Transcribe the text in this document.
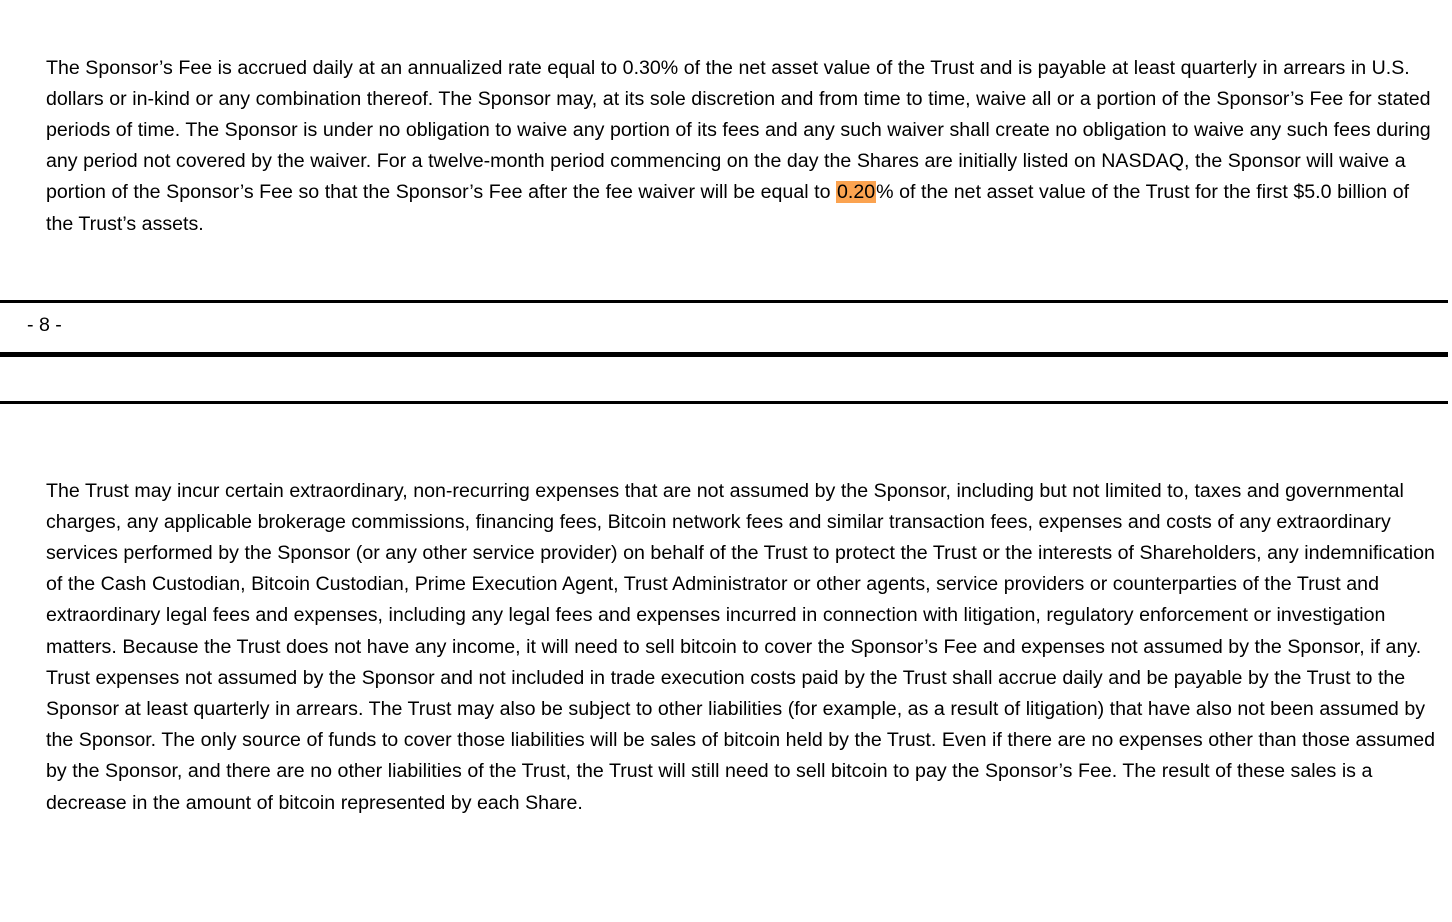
The Sponsor’s Fee is accrued daily at an annualized rate equal to 0.30% of the net asset value of the Trust and is payable at least quarterly in arrears in U.S. dollars or in-kind or any combination thereof. The Sponsor may, at its sole discretion and from time to time, waive all or a portion of the Sponsor’s Fee for stated periods of time. The Sponsor is under no obligation to waive any portion of its fees and any such waiver shall create no obligation to waive any such fees during any period not covered by the waiver. For a twelve-month period commencing on the day the Shares are initially listed on NASDAQ, the Sponsor will waive a portion of the Sponsor’s Fee so that the Sponsor’s Fee after the fee waiver will be equal to 0.20% of the net asset value of the Trust for the first $5.0 billion of the Trust’s assets.

- 8 -

The Trust may incur certain extraordinary, non-recurring expenses that are not assumed by the Sponsor, including but not limited to, taxes and governmental charges, any applicable brokerage commissions, financing fees, Bitcoin network fees and similar transaction fees, expenses and costs of any extraordinary services performed by the Sponsor (or any other service provider) on behalf of the Trust to protect the Trust or the interests of Shareholders, any indemnification of the Cash Custodian, Bitcoin Custodian, Prime Execution Agent, Trust Administrator or other agents, service providers or counterparties of the Trust and extraordinary legal fees and expenses, including any legal fees and expenses incurred in connection with litigation, regulatory enforcement or investigation matters. Because the Trust does not have any income, it will need to sell bitcoin to cover the Sponsor’s Fee and expenses not assumed by the Sponsor, if any. Trust expenses not assumed by the Sponsor and not included in trade execution costs paid by the Trust shall accrue daily and be payable by the Trust to the Sponsor at least quarterly in arrears. The Trust may also be subject to other liabilities (for example, as a result of litigation) that have also not been assumed by the Sponsor. The only source of funds to cover those liabilities will be sales of bitcoin held by the Trust. Even if there are no expenses other than those assumed by the Sponsor, and there are no other liabilities of the Trust, the Trust will still need to sell bitcoin to pay the Sponsor’s Fee. The result of these sales is a decrease in the amount of bitcoin represented by each Share.
